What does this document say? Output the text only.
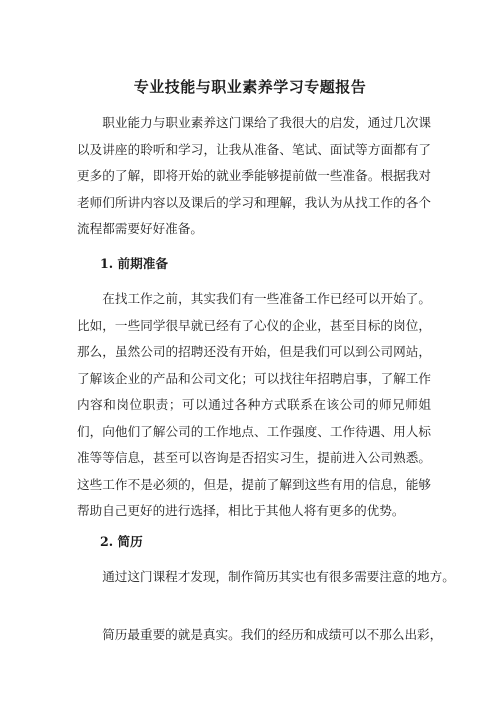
专业技能与职业素养学习专题报告

职业能力与职业素养这门课给了我很大的启发，通过几次课以及讲座的聆听和学习，让我从准备、笔试、面试等方面都有了更多的了解，即将开始的就业季能够提前做一些准备。根据我对老师们所讲内容以及课后的学习和理解，我认为从找工作的各个流程都需要好好准备。

1. 前期准备

在找工作之前，其实我们有一些准备工作已经可以开始了。比如，一些同学很早就已经有了心仪的企业，甚至目标的岗位，那么，虽然公司的招聘还没有开始，但是我们可以到公司网站，了解该企业的产品和公司文化；可以找往年招聘启事，了解工作内容和岗位职责；可以通过各种方式联系在该公司的师兄师姐们，向他们了解公司的工作地点、工作强度、工作待遇、用人标准等等信息，甚至可以咨询是否招实习生，提前进入公司熟悉。这些工作不是必须的，但是，提前了解到这些有用的信息，能够帮助自己更好的进行选择，相比于其他人将有更多的优势。

2. 简历

通过这门课程才发现，制作简历其实也有很多需要注意的地方。

简历最重要的就是真实。我们的经历和成绩可以不那么出彩，
